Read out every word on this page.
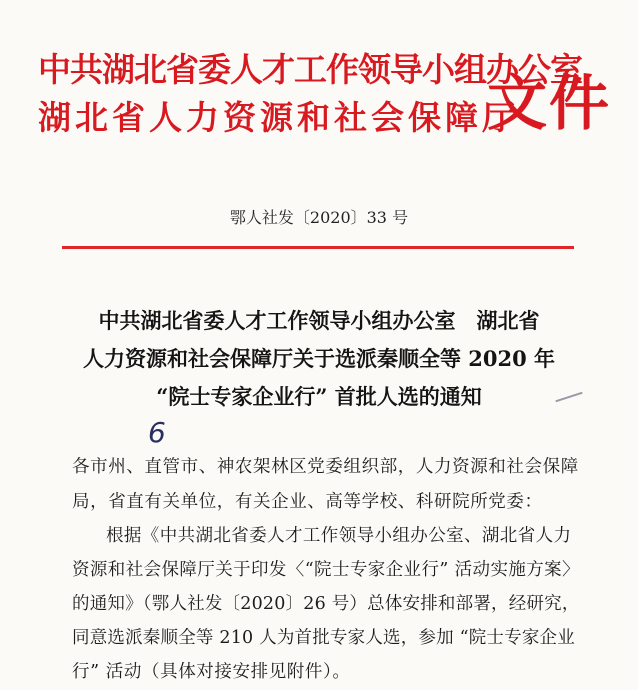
中共湖北省委人才工作领导小组办公室
湖北省人力资源和社会保障厅
文件
鄂人社发〔2020〕33 号
中共湖北省委人才工作领导小组办公室　湖北省
人力资源和社会保障厅关于选派秦顺全等 2020 年
“院士专家企业行” 首批人选的通知
6
各市州、直管市、神农架林区党委组织部，人力资源和社会保障
局，省直有关单位，有关企业、高等学校、科研院所党委：
根据《中共湖北省委人才工作领导小组办公室、湖北省人力
资源和社会保障厅关于印发〈“院士专家企业行” 活动实施方案〉
的通知》（鄂人社发〔2020〕26 号）总体安排和部署，经研究，
同意选派秦顺全等 210 人为首批专家人选，参加 “院士专家企业
行” 活动（具体对接安排见附件）。
